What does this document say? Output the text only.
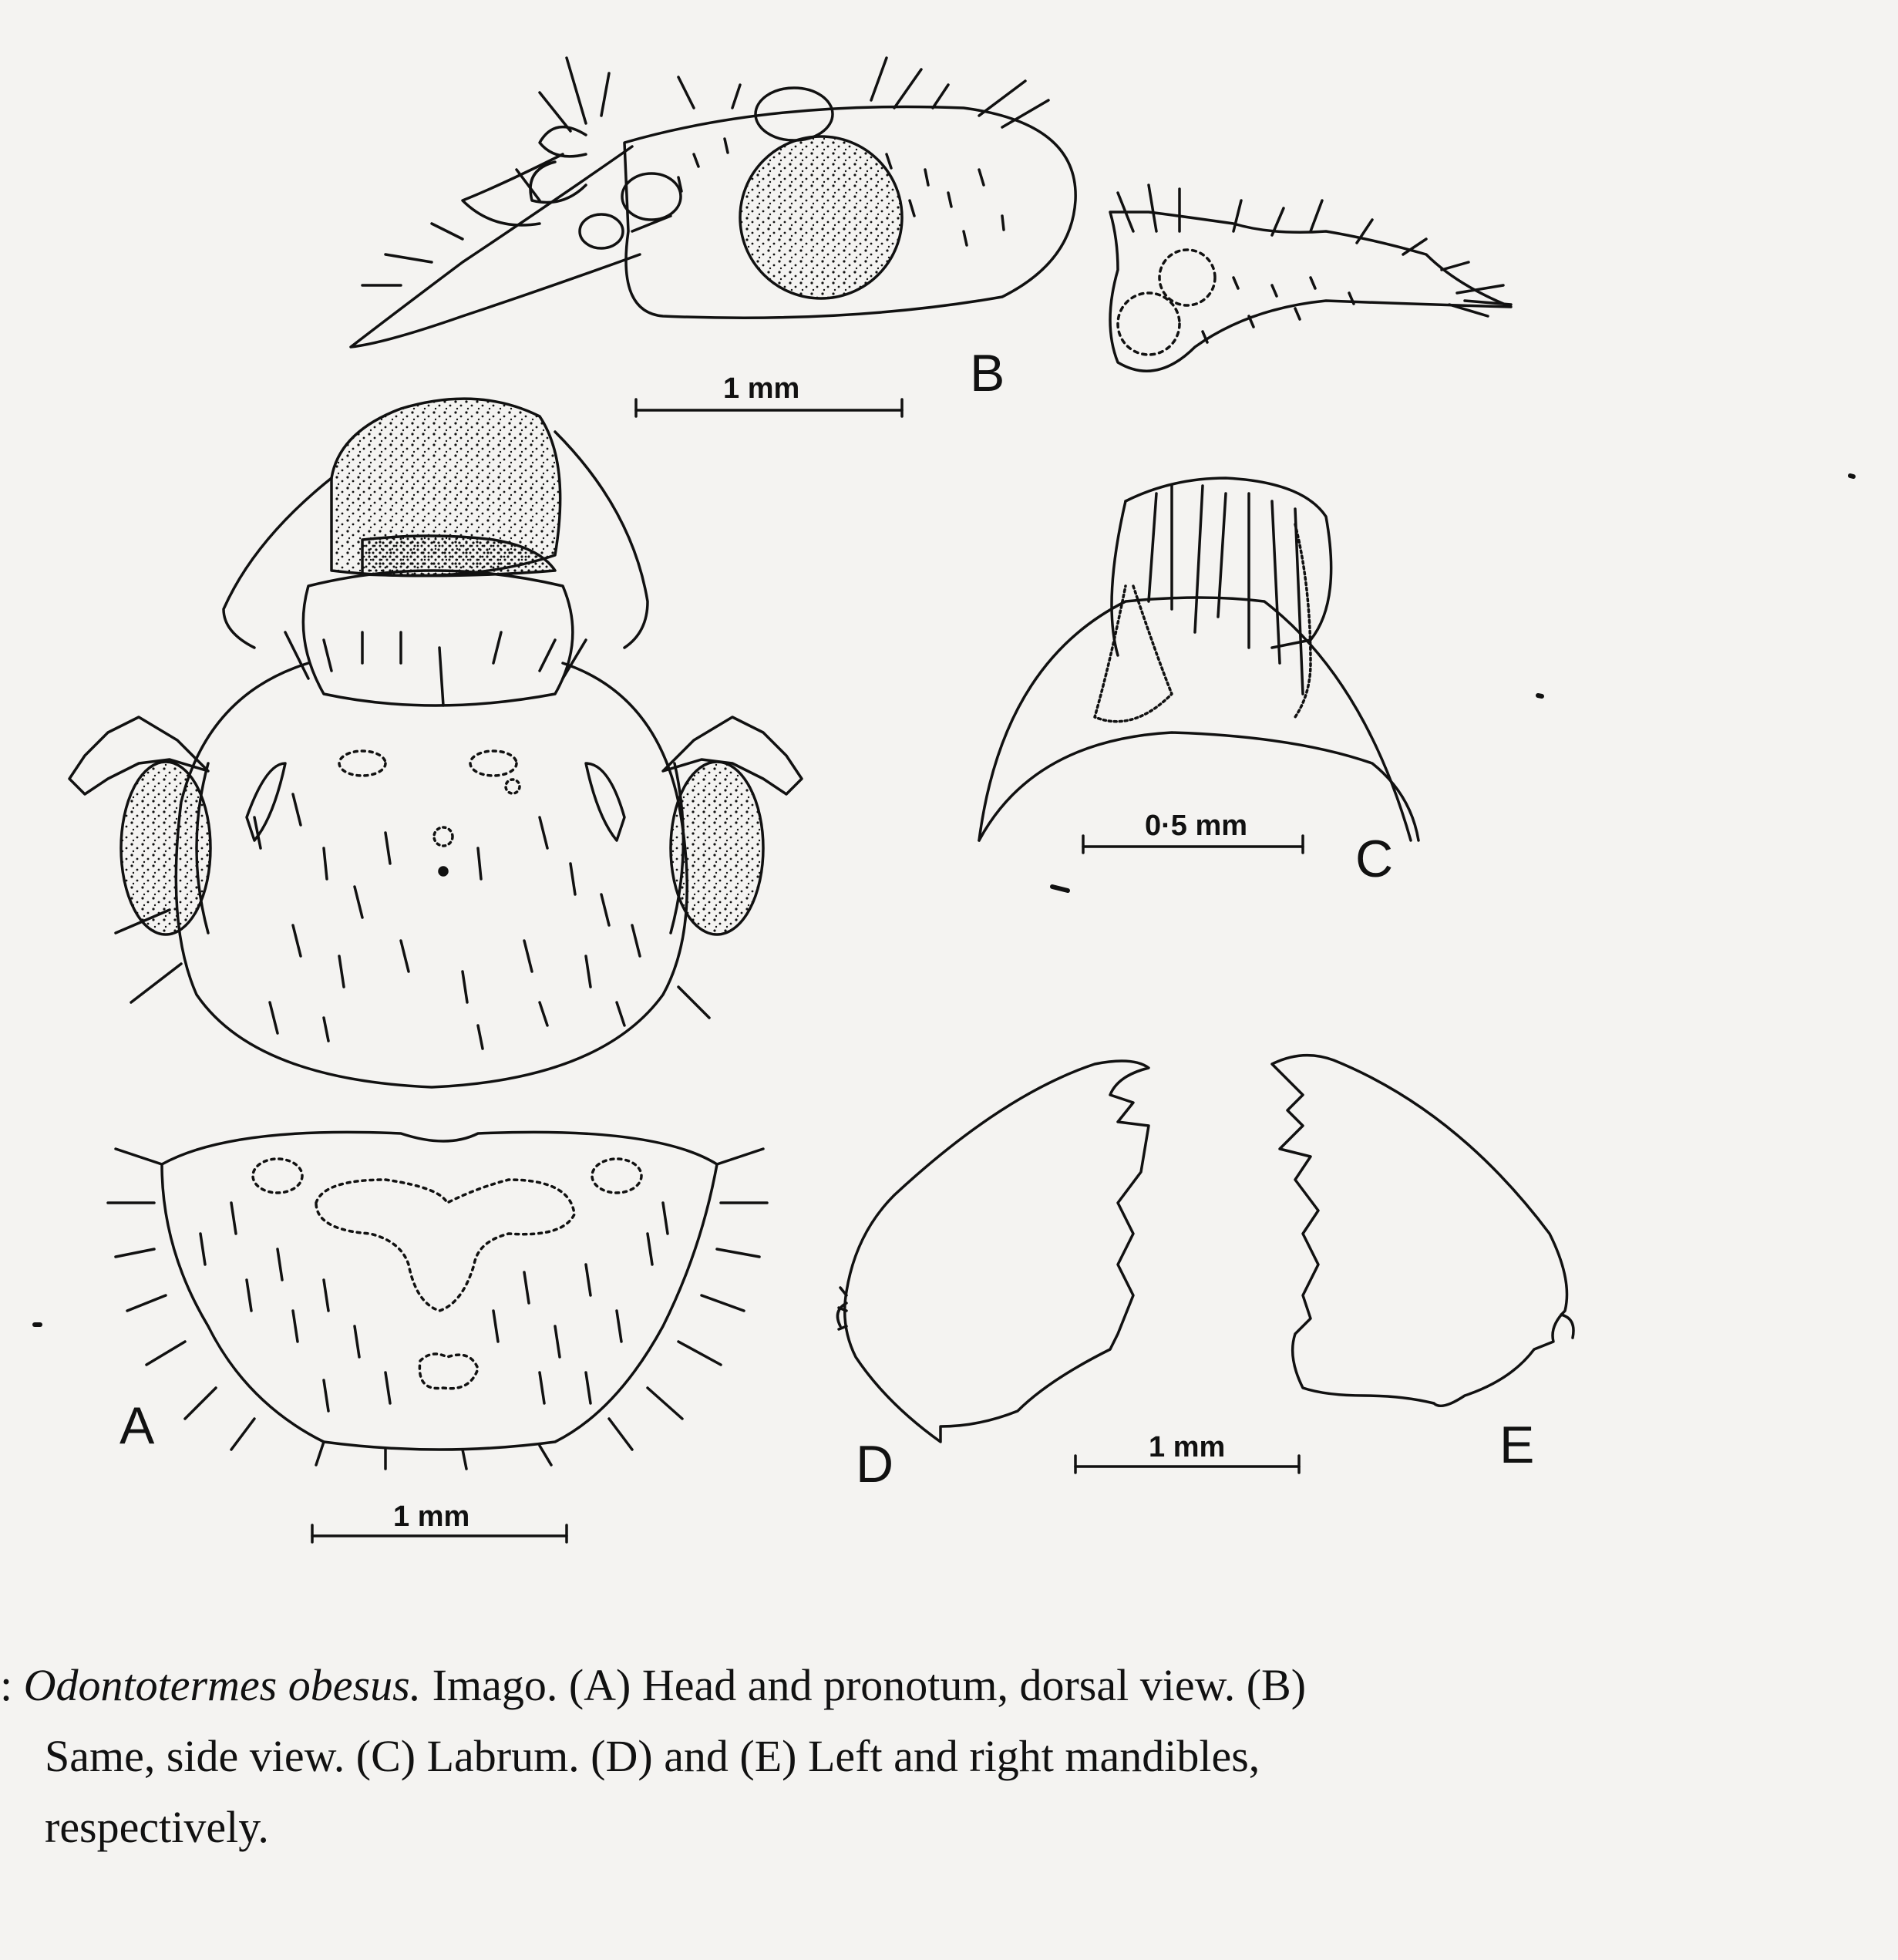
B
C
A
D	E
1 mm
0·5 mm
1 mm
1 mm

: Odontotermes obesus. Imago. (A) Head and pronotum, dorsal view. (B)

Same, side view. (C) Labrum. (D) and (E) Left and right mandibles,

respectively.
